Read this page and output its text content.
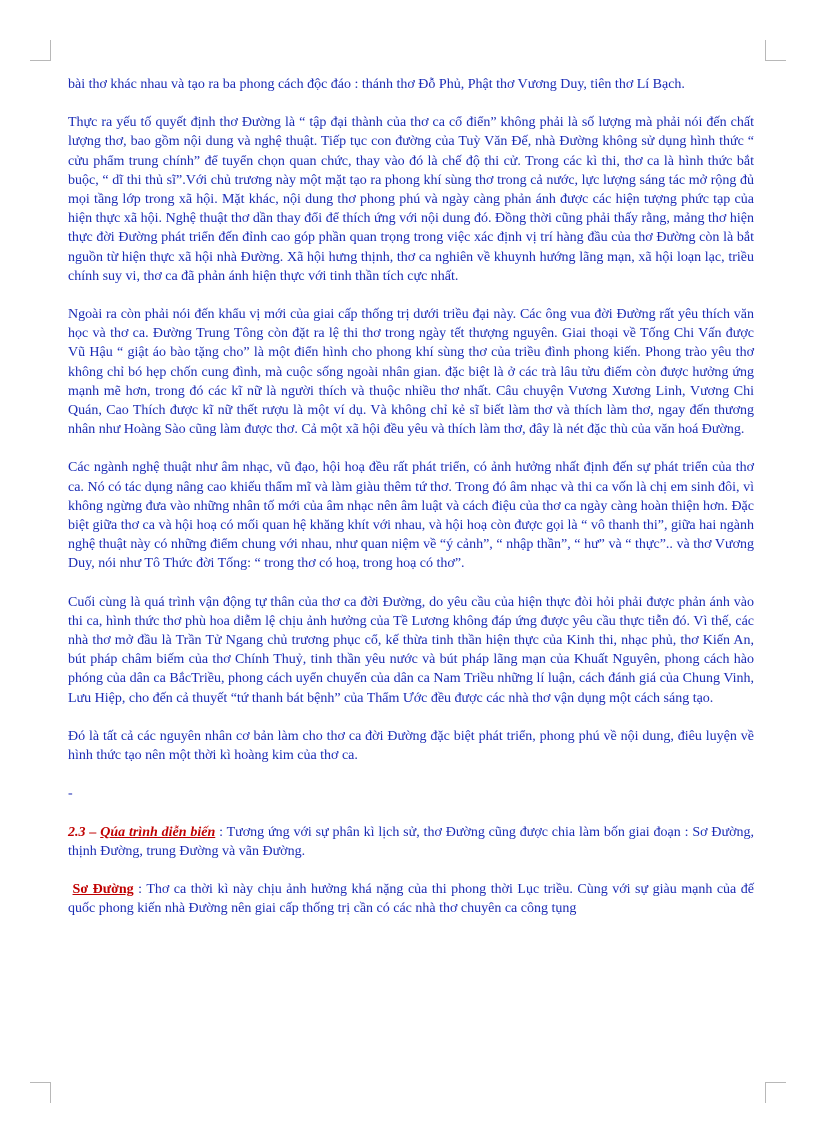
bài thơ khác nhau và tạo ra ba phong cách độc đáo : thánh thơ Đỗ Phủ, Phật thơ Vương Duy, tiên thơ Lí Bạch.

Thực ra yếu tố quyết định thơ Đường là “ tập đại thành của thơ ca cổ điển” không phải là số lượng mà phải nói đến chất lượng thơ, bao gồm nội dung và nghệ thuật. Tiếp tục con đường của Tuỳ Văn Đế, nhà Đường không sử dụng hình thức “ cửu phẩm trung chính” để tuyển chọn quan chức, thay vào đó là chế độ thi cử. Trong các kì thi, thơ ca là hình thức bắt buộc, “ dĩ thi thủ sĩ”.Với chủ trương này một mặt tạo ra phong khí sùng thơ trong cả nước, lực lượng sáng tác mở rộng đủ mọi tầng lớp trong xã hội. Mặt khác, nội dung thơ phong phú và ngày càng phản ánh được các hiện tượng phức tạp của hiện thực xã hội. Nghệ thuật thơ dần thay đổi để thích ứng với nội dung đó. Đồng thời cũng phải thấy rằng, mảng thơ hiện thực đời Đường phát triển đến đỉnh cao góp phần quan trọng trong việc xác định vị trí hàng đầu của thơ Đường còn là bắt nguồn từ hiện thực xã hội nhà Đường. Xã hội hưng thịnh, thơ ca nghiên về khuynh hướng lãng mạn, xã hội loạn lạc, triều chính suy vi, thơ ca đã phản ánh hiện thực với tinh thần tích cực nhất.

Ngoài ra còn phải nói đến khẩu vị mới của giai cấp thống trị dưới triều đại này. Các ông vua đời Đường rất yêu thích văn học và thơ ca. Đường Trung Tông còn đặt ra lệ thi thơ trong ngày tết thượng nguyên. Giai thoại về Tống Chi Vấn được Vũ Hậu “ giật áo bào tặng cho” là một điển hình cho phong khí sùng thơ của triều đình phong kiến. Phong trào yêu thơ không chỉ bó hẹp chốn cung đình, mà cuộc sống ngoài nhân gian. đặc biệt là ở các trà lâu tửu điếm còn được hưởng ứng mạnh mẽ hơn, trong đó các kĩ nữ là người thích và thuộc nhiều thơ nhất. Câu chuyện Vương Xương Linh, Vương Chi Quán, Cao Thích được kĩ nữ thết rượu là một ví dụ. Và không chỉ kẻ sĩ biết làm thơ và thích làm thơ, ngay đến thương nhân như Hoàng Sào cũng làm được thơ. Cả một xã hội đều yêu và thích làm thơ, đây là nét đặc thù của văn hoá Đường.

Các ngành nghệ thuật như âm nhạc, vũ đạo, hội hoạ đều rất phát triển, có ảnh hưởng nhất định đến sự phát triển của thơ ca. Nó có tác dụng nâng cao khiếu thẩm mĩ và làm giàu thêm tứ thơ. Trong đó âm nhạc và thi ca vốn là chị em sinh đôi, vì không ngừng đưa vào những nhân tố mới của âm nhạc nên âm luật và cách điệu của thơ ca ngày càng hoàn thiện hơn. Đặc biệt giữa thơ ca và hội hoạ có mối quan hệ khăng khít với nhau, và hội hoạ còn được gọi là “ vô thanh thi”, giữa hai ngành nghệ thuật này có những điểm chung với nhau, như quan niệm về “ý cảnh”, “ nhập thần”, “ hư” và “ thực”.. và thơ Vương Duy, nói như Tô Thức đời Tống: “ trong thơ có hoạ, trong hoạ có thơ”.

Cuối cùng là quá trình vận động tự thân của thơ ca đời Đường, do yêu cầu của hiện thực đòi hỏi phải được phản ánh vào thi ca, hình thức thơ phù hoa diễm lệ chịu ảnh hưởng của Tề Lương không đáp ứng được yêu cầu thực tiễn đó. Vì thế, các nhà thơ mở đầu là Trần Tử Ngang chủ trương phục cổ, kế thừa tinh thần hiện thực của Kinh thi, nhạc phủ, thơ Kiến An, bút pháp châm biếm của thơ Chính Thuỷ, tinh thần yêu nước và bút pháp lãng mạn của Khuất Nguyên, phong cách hào phóng của dân ca BắcTriều, phong cách uyển chuyển của dân ca Nam Triều những lí luận, cách đánh giá của Chung Vinh, Lưu Hiệp, cho đến cả thuyết “tứ thanh bát bệnh” của Thẩm Ước đều được các nhà thơ vận dụng một cách sáng tạo.

Đó là tất cả các nguyên nhân cơ bản làm cho thơ ca đời Đường đặc biệt phát triển, phong phú về nội dung, điêu luyện về hình thức tạo nên một thời kì hoàng kim của thơ ca.

-

2.3 – Qúa trình diễn biến : Tương ứng với sự phân kì lịch sử, thơ Đường cũng được chia làm bốn giai đoạn : Sơ Đường, thịnh Đường, trung Đường và vãn Đường.

Sơ Đường : Thơ ca thời kì này chịu ảnh hưởng khá nặng của thi phong thời Lục triều. Cùng với sự giàu mạnh của đế quốc phong kiến nhà Đường nên giai cấp thống trị cần có các nhà thơ chuyên ca công tụng
